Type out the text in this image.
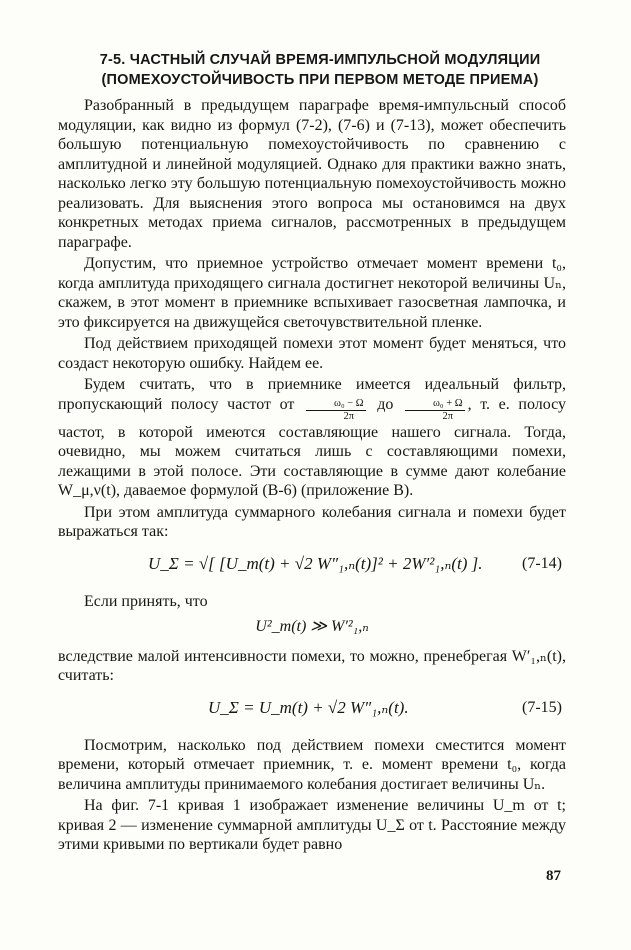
7-5. ЧАСТНЫЙ СЛУЧАЙ ВРЕМЯ-ИМПУЛЬСНОЙ МОДУЛЯЦИИ
(ПОМЕХОУСТОЙЧИВОСТЬ ПРИ ПЕРВОМ МЕТОДЕ ПРИЕМА)

Разобранный в предыдущем параграфе время-импульсный способ модуляции, как видно из формул (7-2), (7-6) и (7-13), может обеспечить большую потенциальную помехоустойчивость по сравнению с амплитудной и линейной модуляцией. Однако для практики важно знать, насколько легко эту большую потенциальную помехоустойчивость можно реализовать. Для выяснения этого вопроса мы остановимся на двух конкретных методах приема сигналов, рассмотренных в предыдущем параграфе.

Допустим, что приемное устройство отмечает момент времени t₀, когда амплитуда приходящего сигнала достигнет некоторой величины Uₙ, скажем, в этот момент в приемнике вспыхивает газосветная лампочка, и это фиксируется на движущейся светочувствительной пленке.

Под действием приходящей помехи этот момент будет меняться, что создаст некоторую ошибку. Найдем ее.

Будем считать, что в приемнике имеется идеальный фильтр, пропускающий полосу частот от $\frac{\text{ω₀ − Ω}}{2\pi}$ до $\frac{\text{ω₀ + Ω}}{2\pi}$ , т. е. полосу частот, в которой имеются составляющие нашего сигнала. Тогда, очевидно, мы можем считаться лишь с составляющими помехи, лежащими в этой полосе. Эти составляющие в сумме дают колебание W_μ,ν(t), даваемое формулой (В-6) (приложение В).

При этом амплитуда суммарного колебания сигнала и помехи будет выражаться так:

U_Σ = √[ [U_m(t) + √2 W″₁,ₙ(t)]² + 2W′²₁,ₙ(t) ]. (7-14)

Если принять, что

U²_m(t) ≫ W′²₁,ₙ

вследствие малой интенсивности помехи, то можно, пренебрегая W′₁,ₙ(t), считать:

U_Σ = U_m(t) + √2 W″₁,ₙ(t).	(7-15)

Посмотрим, насколько под действием помехи сместится момент времени, который отмечает приемник, т. е. момент времени t₀, когда величина амплитуды принимаемого колебания достигает величины Uₙ.

На фиг. 7-1 кривая 1 изображает изменение величины U_m от t; кривая 2 — изменение суммарной амплитуды U_Σ от t. Расстояние между этими кривыми по вертикали будет равно

87
